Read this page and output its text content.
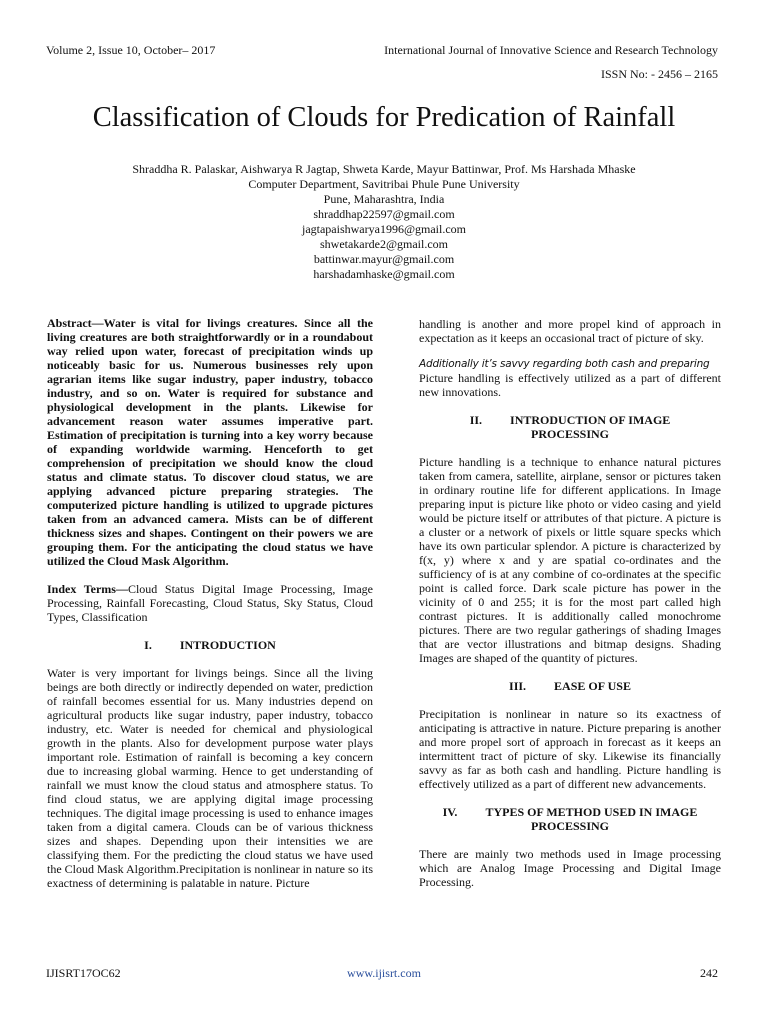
Volume 2, Issue 10, October– 2017	International Journal of Innovative Science and Research Technology
ISSN No: - 2456 – 2165
Classification of Clouds for Predication of Rainfall
Shraddha R. Palaskar, Aishwarya R Jagtap, Shweta Karde, Mayur Battinwar, Prof. Ms Harshada Mhaske
Computer Department, Savitribai Phule Pune University
Pune, Maharashtra, India
shraddhap22597@gmail.com
jagtapaishwarya1996@gmail.com
shwetakarde2@gmail.com
battinwar.mayur@gmail.com
harshadamhaske@gmail.com

Abstract—Water is vital for livings creatures. Since all the living creatures are both straightforwardly or in a roundabout way relied upon water, forecast of precipitation winds up noticeably basic for us. Numerous businesses rely upon agrarian items like sugar industry, paper industry, tobacco industry, and so on. Water is required for substance and physiological development in the plants. Likewise for advancement reason water assumes imperative part. Estimation of precipitation is turning into a key worry because of expanding worldwide warming. Henceforth to get comprehension of precipitation we should know the cloud status and climate status. To discover cloud status, we are applying advanced picture preparing strategies. The computerized picture handling is utilized to upgrade pictures taken from an advanced camera. Mists can be of different thickness sizes and shapes. Contingent on their powers we are grouping them. For the anticipating the cloud status we have utilized the Cloud Mask Algorithm.

Index Terms—Cloud Status Digital Image Processing, Image Processing, Rainfall Forecasting, Cloud Status, Sky Status, Cloud Types, Classification

I. INTRODUCTION

Water is very important for livings beings. Since all the living beings are both directly or indirectly depended on water, prediction of rainfall becomes essential for us. Many industries depend on agricultural products like sugar industry, paper industry, tobacco industry, etc. Water is needed for chemical and physiological growth in the plants. Also for development purpose water plays important role. Estimation of rainfall is becoming a key concern due to increasing global warming. Hence to get understanding of rainfall we must know the cloud status and atmosphere status. To find cloud status, we are applying digital image processing techniques. The digital image processing is used to enhance images taken from a digital camera. Clouds can be of various thickness sizes and shapes. Depending upon their intensities we are classifying them. For the predicting the cloud status we have used the Cloud Mask Algorithm.Precipitation is nonlinear in nature so its exactness of determining is palatable in nature. Picture

handling is another and more propel kind of approach in expectation as it keeps an occasional tract of picture of sky.

Additionally it’s savvy regarding both cash and preparing

Picture handling is effectively utilized as a part of different new innovations.

II. INTRODUCTION OF IMAGE
PROCESSING

Picture handling is a technique to enhance natural pictures taken from camera, satellite, airplane, sensor or pictures taken in ordinary routine life for different applications. In Image preparing input is picture like photo or video casing and yield would be picture itself or attributes of that picture. A picture is a cluster or a network of pixels or little square specks which have its own particular splendor. A picture is characterized by f(x, y) where x and y are spatial co-ordinates and the sufficiency of is at any combine of co-ordinates at the specific point is called force. Dark scale picture has power in the vicinity of 0 and 255; it is for the most part called high contrast pictures. It is additionally called monochrome pictures. There are two regular gatherings of shading Images that are vector illustrations and bitmap designs. Shading Images are shaped of the quantity of pictures.

III. EASE OF USE

Precipitation is nonlinear in nature so its exactness of anticipating is attractive in nature. Picture preparing is another and more propel sort of approach in forecast as it keeps an intermittent tract of picture of sky. Likewise its financially savvy as far as both cash and handling. Picture handling is effectively utilized as a part of different new advancements.

IV. TYPES OF METHOD USED IN IMAGE
PROCESSING

There are mainly two methods used in Image processing which are Analog Image Processing and Digital Image Processing.

IJISRT17OC62	www.ijisrt.com	242
